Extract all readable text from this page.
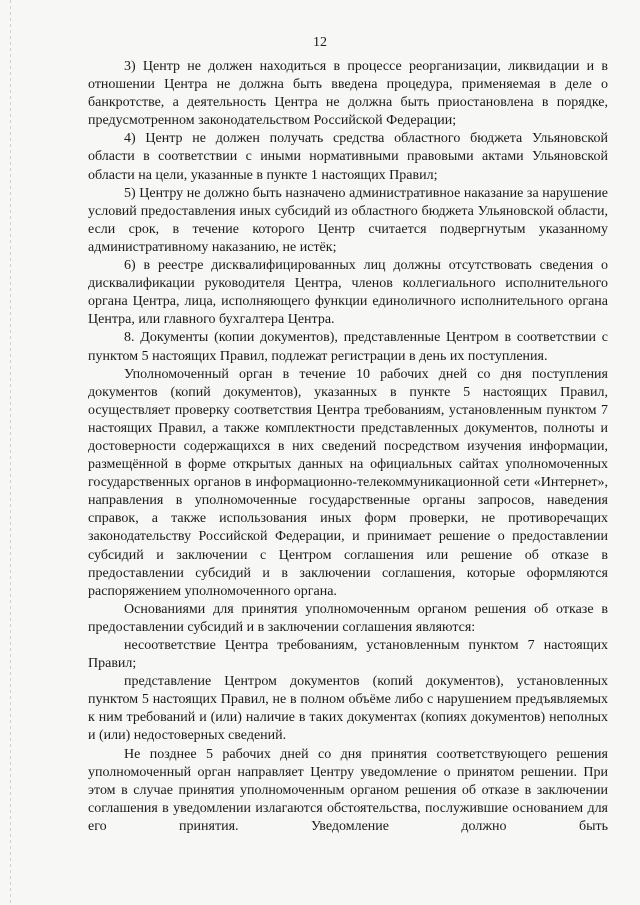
12

3) Центр не должен находиться в процессе реорганизации, ликвидации и в отношении Центра не должна быть введена процедура, применяемая в деле о банкротстве, а деятельность Центра не должна быть приостановлена в порядке, предусмотренном законодательством Российской Федерации;

4) Центр не должен получать средства областного бюджета Ульяновской области в соответствии с иными нормативными правовыми актами Ульяновской области на цели, указанные в пункте 1 настоящих Правил;

5) Центру не должно быть назначено административное наказание за нарушение условий предоставления иных субсидий из областного бюджета Ульяновской области, если срок, в течение которого Центр считается подвергнутым указанному административному наказанию, не истёк;

6) в реестре дисквалифицированных лиц должны отсутствовать сведения о дисквалификации руководителя Центра, членов коллегиального исполнительного органа Центра, лица, исполняющего функции единоличного исполнительного органа Центра, или главного бухгалтера Центра.

8. Документы (копии документов), представленные Центром в соответствии с пунктом 5 настоящих Правил, подлежат регистрации в день их поступления.

Уполномоченный орган в течение 10 рабочих дней со дня поступления документов (копий документов), указанных в пункте 5 настоящих Правил, осуществляет проверку соответствия Центра требованиям, установленным пунктом 7 настоящих Правил, а также комплектности представленных документов, полноты и достоверности содержащихся в них сведений посредством изучения информации, размещённой в форме открытых данных на официальных сайтах уполномоченных государственных органов в информационно-телекоммуникационной сети «Интернет», направления в уполномоченные государственные органы запросов, наведения справок, а также использования иных форм проверки, не противоречащих законодательству Российской Федерации, и принимает решение о предоставлении субсидий и заключении с Центром соглашения или решение об отказе в предоставлении субсидий и в заключении соглашения, которые оформляются распоряжением уполномоченного органа.

Основаниями для принятия уполномоченным органом решения об отказе в предоставлении субсидий и в заключении соглашения являются:

несоответствие Центра требованиям, установленным пунктом 7 настоящих Правил;

представление Центром документов (копий документов), установленных пунктом 5 настоящих Правил, не в полном объёме либо с нарушением предъявляемых к ним требований и (или) наличие в таких документах (копиях документов) неполных и (или) недостоверных сведений.

Не позднее 5 рабочих дней со дня принятия соответствующего решения уполномоченный орган направляет Центру уведомление о принятом решении. При этом в случае принятия уполномоченным органом решения об отказе в заключении соглашения в уведомлении излагаются обстоятельства, послужившие основанием для его принятия. Уведомление должно быть
